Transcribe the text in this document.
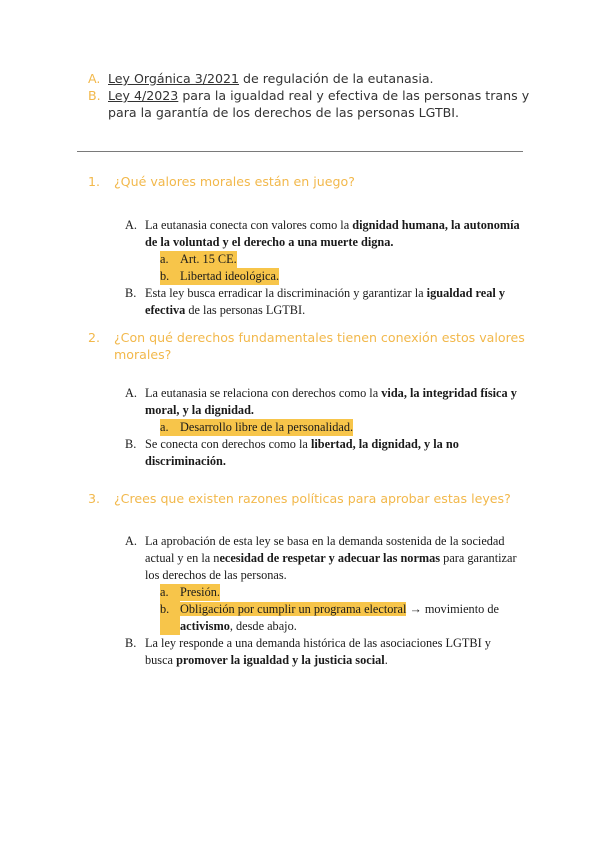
A. Ley Orgánica 3/2021 de regulación de la eutanasia.
B. Ley 4/2023 para la igualdad real y efectiva de las personas trans y para la garantía de los derechos de las personas LGTBI.
1.	¿Qué valores morales están en juego?
A. La eutanasia conecta con valores como la dignidad humana, la autonomía de la voluntad y el derecho a una muerte digna.
a. Art. 15 CE.
b. Libertad ideológica.
B. Esta ley busca erradicar la discriminación y garantizar la igualdad real y efectiva de las personas LGTBI.
2.	¿Con qué derechos fundamentales tienen conexión estos valores morales?
A. La eutanasia se relaciona con derechos como la vida, la integridad física y moral, y la dignidad.
a. Desarrollo libre de la personalidad.
B. Se conecta con derechos como la libertad, la dignidad, y la no discriminación.
3.	¿Crees que existen razones políticas para aprobar estas leyes?
A. La aprobación de esta ley se basa en la demanda sostenida de la sociedad actual y en la necesidad de respetar y adecuar las normas para garantizar los derechos de las personas.
a. Presión.
b. Obligación por cumplir un programa electoral → movimiento de activismo, desde abajo.
B. La ley responde a una demanda histórica de las asociaciones LGTBI y busca promover la igualdad y la justicia social.
